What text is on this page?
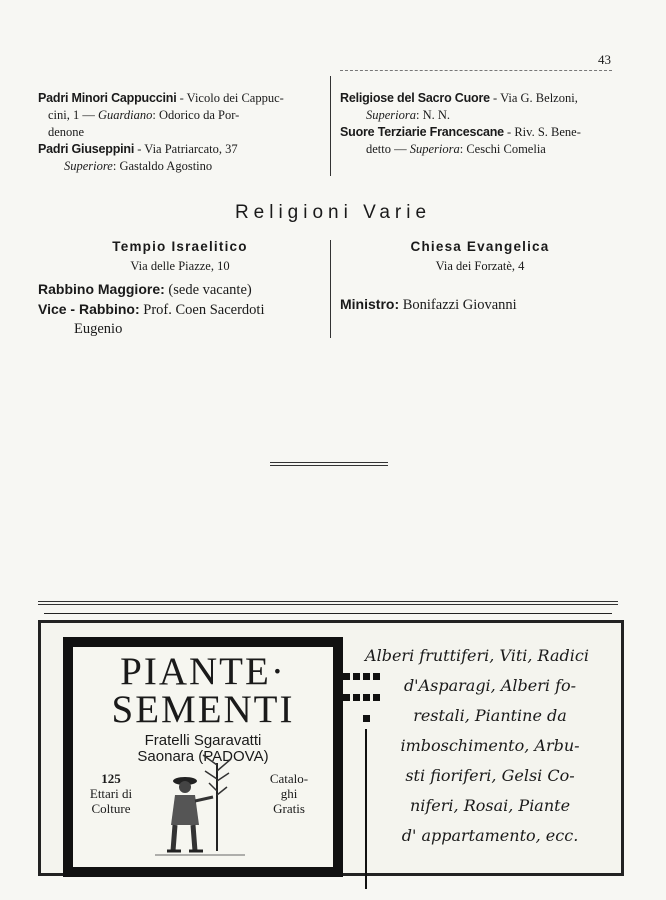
43
Padri Minori Cappuccini - Vicolo dei Cappuc-
cini, 1 — Guardiano: Odorico da Por-
denone
Padri Giuseppini - Via Patriarcato, 37
Superiore: Gastaldo Agostino
Religiose del Sacro Cuore - Via G. Belzoni,
Superiora: N. N.
Suore Terziarie Francescane - Riv. S. Bene-
detto — Superiora: Ceschi Comelia
Religioni Varie
Tempio Israelitico
Via delle Piazze, 10
Rabbino Maggiore: (sede vacante)
Vice - Rabbino: Prof. Coen Sacerdoti
Eugenio
Chiesa Evangelica
Via dei Forzatè, 4
Ministro: Bonifazzi Giovanni
PIANTE·
SEMENTI
Fratelli Sgaravatti
Saonara (PADOVA)
125
Ettari di
Colture
Catalo-
ghi
Gratis
Alberi fruttiferi, Viti, Radici
d'Asparagi, Alberi fo-
restali, Piantine da
imboschimento, Arbu-
sti fioriferi, Gelsi Co-
niferi, Rosai, Piante
d' appartamento, ecc.
